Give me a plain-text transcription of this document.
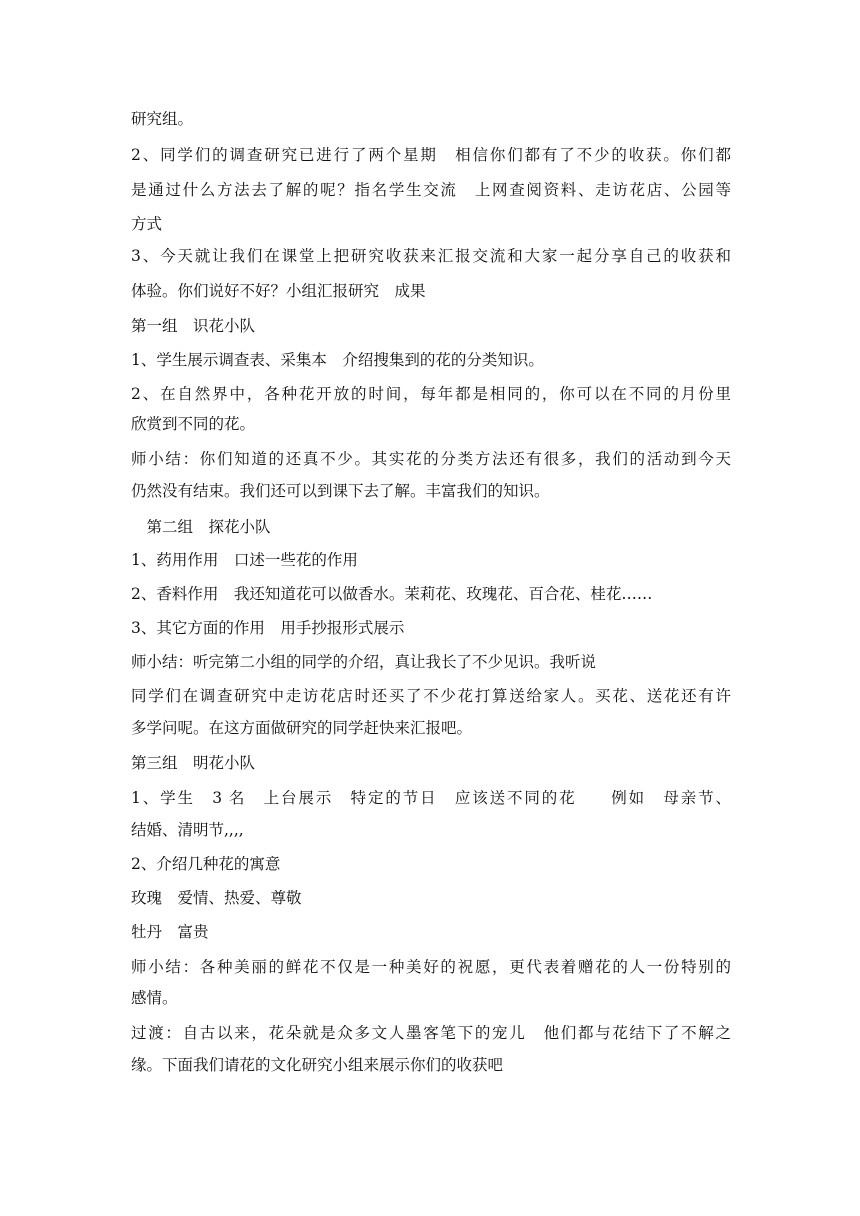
研究组。

2、同学们的调查研究已进行了两个星期　相信你们都有了不少的收获。你们都

是通过什么方法去了解的呢？指名学生交流　上网查阅资料、走访花店、公园等

方式

3、今天就让我们在课堂上把研究收获来汇报交流和大家一起分享自己的收获和

体验。你们说好不好？小组汇报研究　成果

第一组　识花小队

1、学生展示调查表、采集本　介绍搜集到的花的分类知识。

2、在自然界中，各种花开放的时间，每年都是相同的，你可以在不同的月份里

欣赏到不同的花。

师小结：你们知道的还真不少。其实花的分类方法还有很多，我们的活动到今天

仍然没有结束。我们还可以到课下去了解。丰富我们的知识。

　第二组　探花小队

1、药用作用　口述一些花的作用

2、香料作用　我还知道花可以做香水。茉莉花、玫瑰花、百合花、桂花……

3、其它方面的作用　用手抄报形式展示

师小结：听完第二小组的同学的介绍，真让我长了不少见识。我听说

同学们在调查研究中走访花店时还买了不少花打算送给家人。买花、送花还有许

多学问呢。在这方面做研究的同学赶快来汇报吧。

第三组　明花小队

1、学生　3 名　上台展示　特定的节日　应该送不同的花　　例如　母亲节、

结婚、清明节,,,,

2、介绍几种花的寓意

玫瑰　爱情、热爱、尊敬

牡丹　富贵

师小结：各种美丽的鲜花不仅是一种美好的祝愿，更代表着赠花的人一份特别的

感情。

过渡：自古以来，花朵就是众多文人墨客笔下的宠儿　他们都与花结下了不解之

缘。下面我们请花的文化研究小组来展示你们的收获吧
